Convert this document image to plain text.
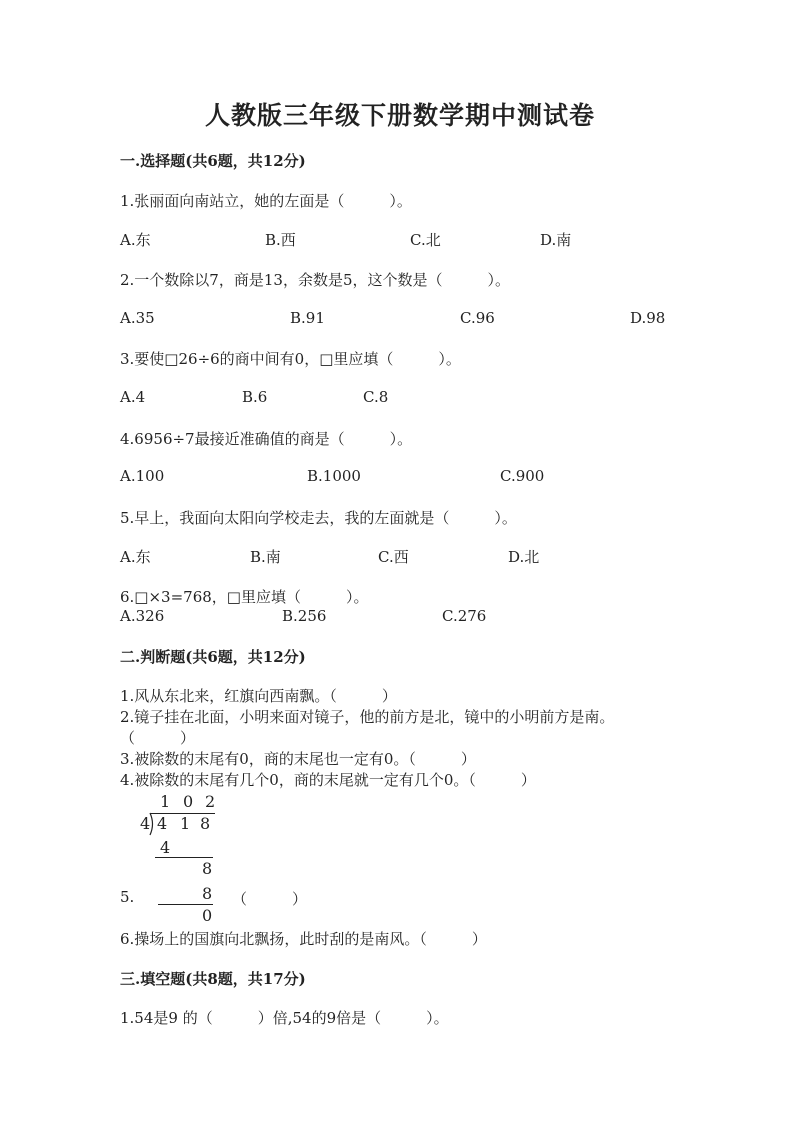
人教版三年级下册数学期中测试卷
一.选择题(共6题，共12分)
1.张丽面向南站立，她的左面是（　　　）。
A.东	B.西	C.北	D.南
2.一个数除以7，商是13，余数是5，这个数是（　　　）。
A.35	B.91	C.96	D.98
3.要使□26÷6的商中间有0，□里应填（　　　）。
A.4	B.6	C.8
4.6956÷7最接近准确值的商是（　　　）。
A.100	B.1000	C.900
5.早上，我面向太阳向学校走去，我的左面就是（　　　）。
A.东	B.南	C.西	D.北
6.□×3=768，□里应填（　　　）。
A.326	B.256	C.276
二.判断题(共6题，共12分)
1.风从东北来，红旗向西南飘。（　　　）
2.镜子挂在北面，小明来面对镜子，他的前方是北，镜中的小明前方是南。
（　　　）
3.被除数的末尾有0，商的末尾也一定有0。（　　　）
4.被除数的末尾有几个0，商的末尾就一定有几个0。（　　　）
1 0 2
4 4 1 8
4
8
8
0
5.	（　　　）
6.操场上的国旗向北飘扬，此时刮的是南风。（　　　）
三.填空题(共8题，共17分)
1.54是9 的（　　　）倍,54的9倍是（　　　）。
